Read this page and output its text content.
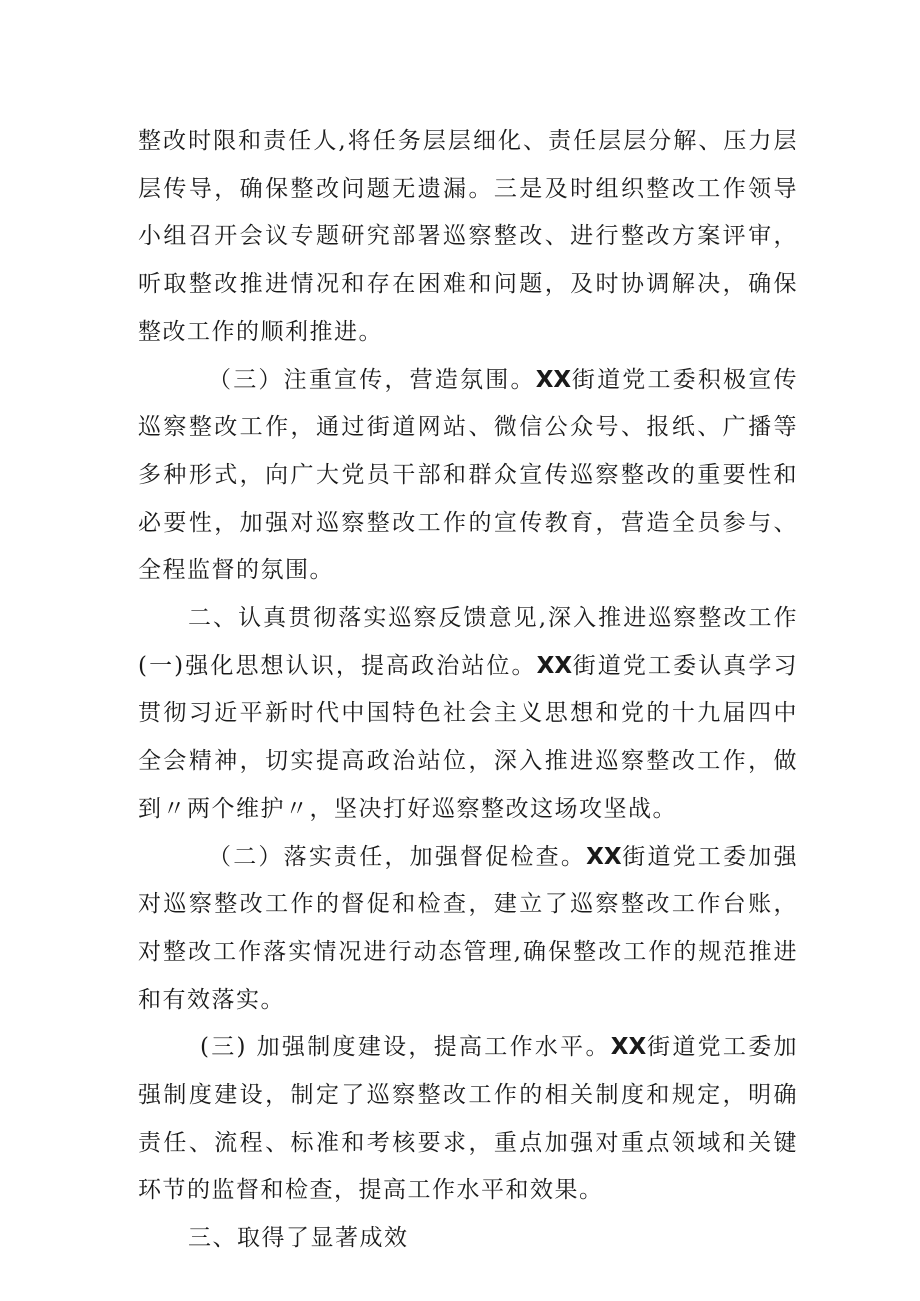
整改时限和责任人,将任务层层细化、责任层层分解、压力层层传导，确保整改问题无遗漏。三是及时组织整改工作领导小组召开会议专题研究部署巡察整改、进行整改方案评审，听取整改推进情况和存在困难和问题，及时协调解决，确保整改工作的顺利推进。

（三）注重宣传，营造氛围。XX街道党工委积极宣传巡察整改工作，通过街道网站、微信公众号、报纸、广播等多种形式，向广大党员干部和群众宣传巡察整改的重要性和必要性，加强对巡察整改工作的宣传教育，营造全员参与、全程监督的氛围。

二、认真贯彻落实巡察反馈意见,深入推进巡察整改工作(一)强化思想认识，提高政治站位。XX街道党工委认真学习贯彻习近平新时代中国特色社会主义思想和党的十九届四中全会精神，切实提高政治站位，深入推进巡察整改工作，做到〃两个维护〃，坚决打好巡察整改这场攻坚战。

（二）落实责任，加强督促检查。XX街道党工委加强对巡察整改工作的督促和检查，建立了巡察整改工作台账，对整改工作落实情况进行动态管理,确保整改工作的规范推进和有效落实。

(三) 加强制度建设，提高工作水平。XX街道党工委加强制度建设，制定了巡察整改工作的相关制度和规定，明确责任、流程、标准和考核要求，重点加强对重点领域和关键环节的监督和检查，提高工作水平和效果。

三、取得了显著成效
